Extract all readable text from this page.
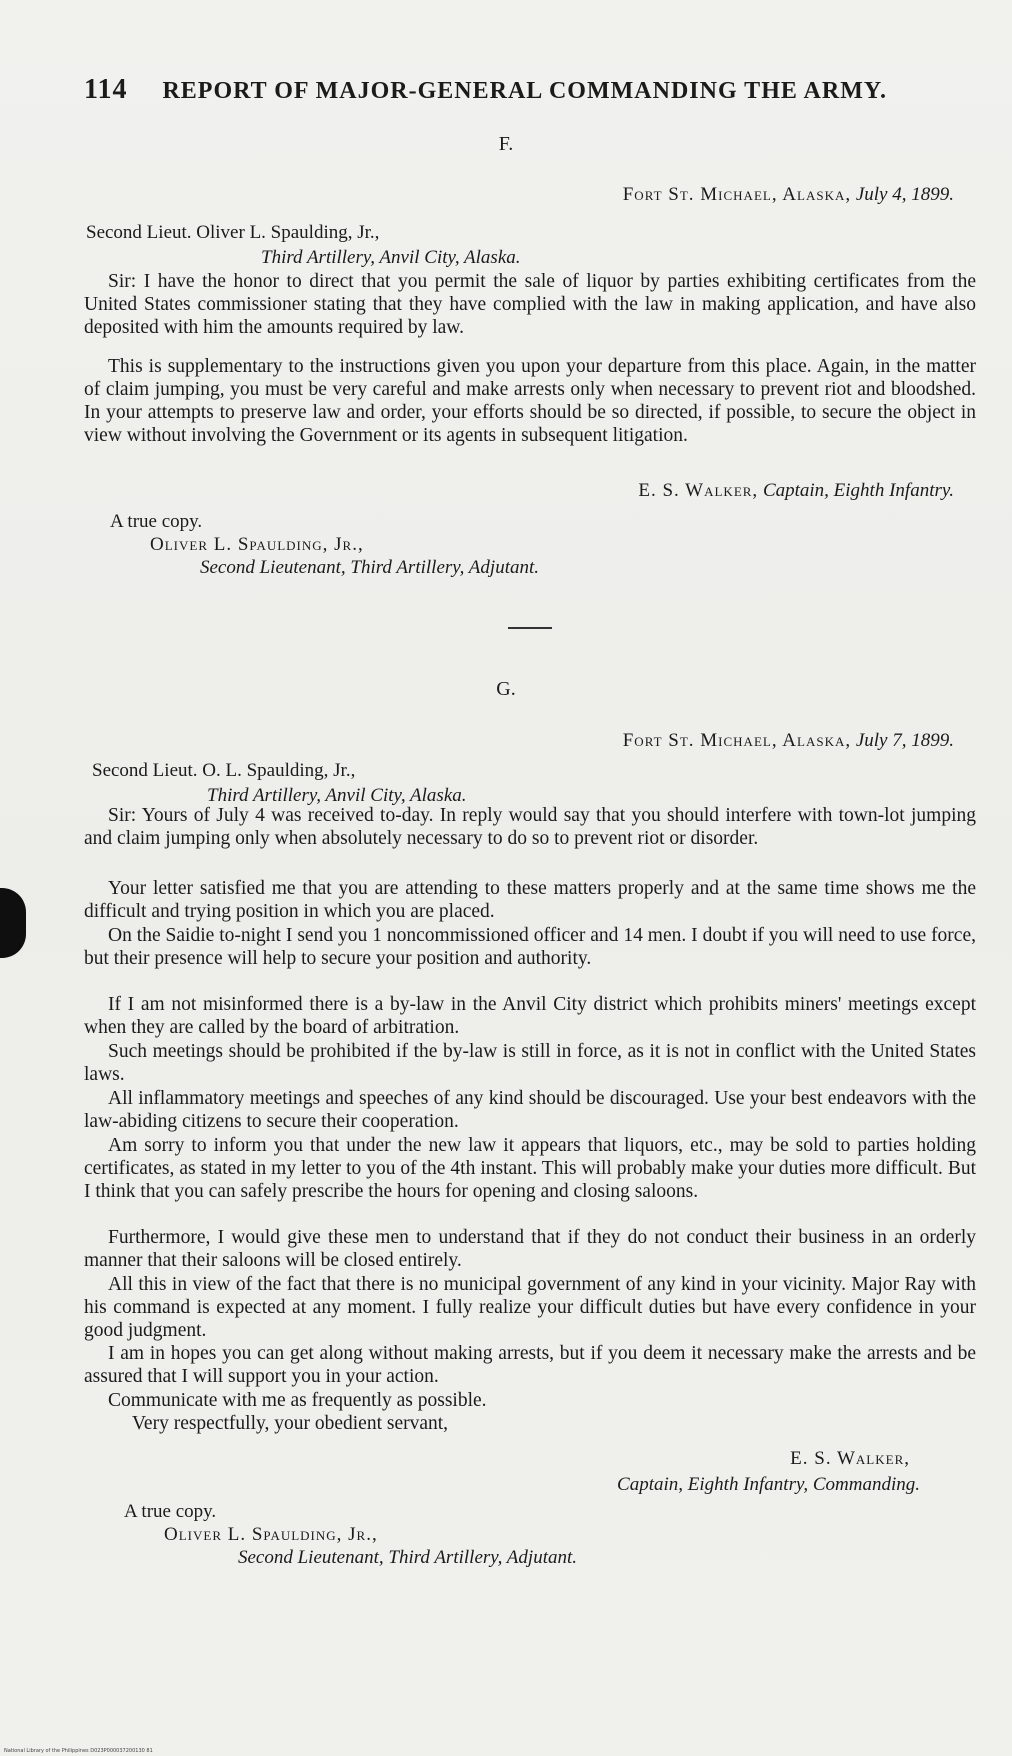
114 REPORT OF MAJOR-GENERAL COMMANDING THE ARMY.
F.
Fort St. Michael, Alaska, July 4, 1899.
Second Lieut. Oliver L. Spaulding, Jr.,
Third Artillery, Anvil City, Alaska.

Sir: I have the honor to direct that you permit the sale of liquor by parties exhibiting certificates from the United States commissioner stating that they have complied with the law in making application, and have also deposited with him the amounts required by law.

This is supplementary to the instructions given you upon your departure from this place. Again, in the matter of claim jumping, you must be very careful and make arrests only when necessary to prevent riot and bloodshed. In your attempts to preserve law and order, your efforts should be so directed, if possible, to secure the object in view without involving the Government or its agents in subsequent litigation.

E. S. Walker, Captain, Eighth Infantry.
A true copy.
Oliver L. Spaulding, Jr.,
Second Lieutenant, Third Artillery, Adjutant.
G.
Fort St. Michael, Alaska, July 7, 1899.
Second Lieut. O. L. Spaulding, Jr.,
Third Artillery, Anvil City, Alaska.

Sir: Yours of July 4 was received to-day. In reply would say that you should interfere with town-lot jumping and claim jumping only when absolutely necessary to do so to prevent riot or disorder.

Your letter satisfied me that you are attending to these matters properly and at the same time shows me the difficult and trying position in which you are placed.

On the Saidie to-night I send you 1 noncommissioned officer and 14 men. I doubt if you will need to use force, but their presence will help to secure your position and authority.

If I am not misinformed there is a by-law in the Anvil City district which prohibits miners' meetings except when they are called by the board of arbitration.

Such meetings should be prohibited if the by-law is still in force, as it is not in conflict with the United States laws.

All inflammatory meetings and speeches of any kind should be discouraged. Use your best endeavors with the law-abiding citizens to secure their cooperation.

Am sorry to inform you that under the new law it appears that liquors, etc., may be sold to parties holding certificates, as stated in my letter to you of the 4th instant. This will probably make your duties more difficult. But I think that you can safely prescribe the hours for opening and closing saloons.

Furthermore, I would give these men to understand that if they do not conduct their business in an orderly manner that their saloons will be closed entirely.

All this in view of the fact that there is no municipal government of any kind in your vicinity. Major Ray with his command is expected at any moment. I fully realize your difficult duties but have every confidence in your good judgment.

I am in hopes you can get along without making arrests, but if you deem it necessary make the arrests and be assured that I will support you in your action.

Communicate with me as frequently as possible.

Very respectfully, your obedient servant,

E. S. Walker,
Captain, Eighth Infantry, Commanding.
A true copy.
Oliver L. Spaulding, Jr.,
Second Lieutenant, Third Artillery, Adjutant.
National Library of the Philippines D023P000037200130 81
